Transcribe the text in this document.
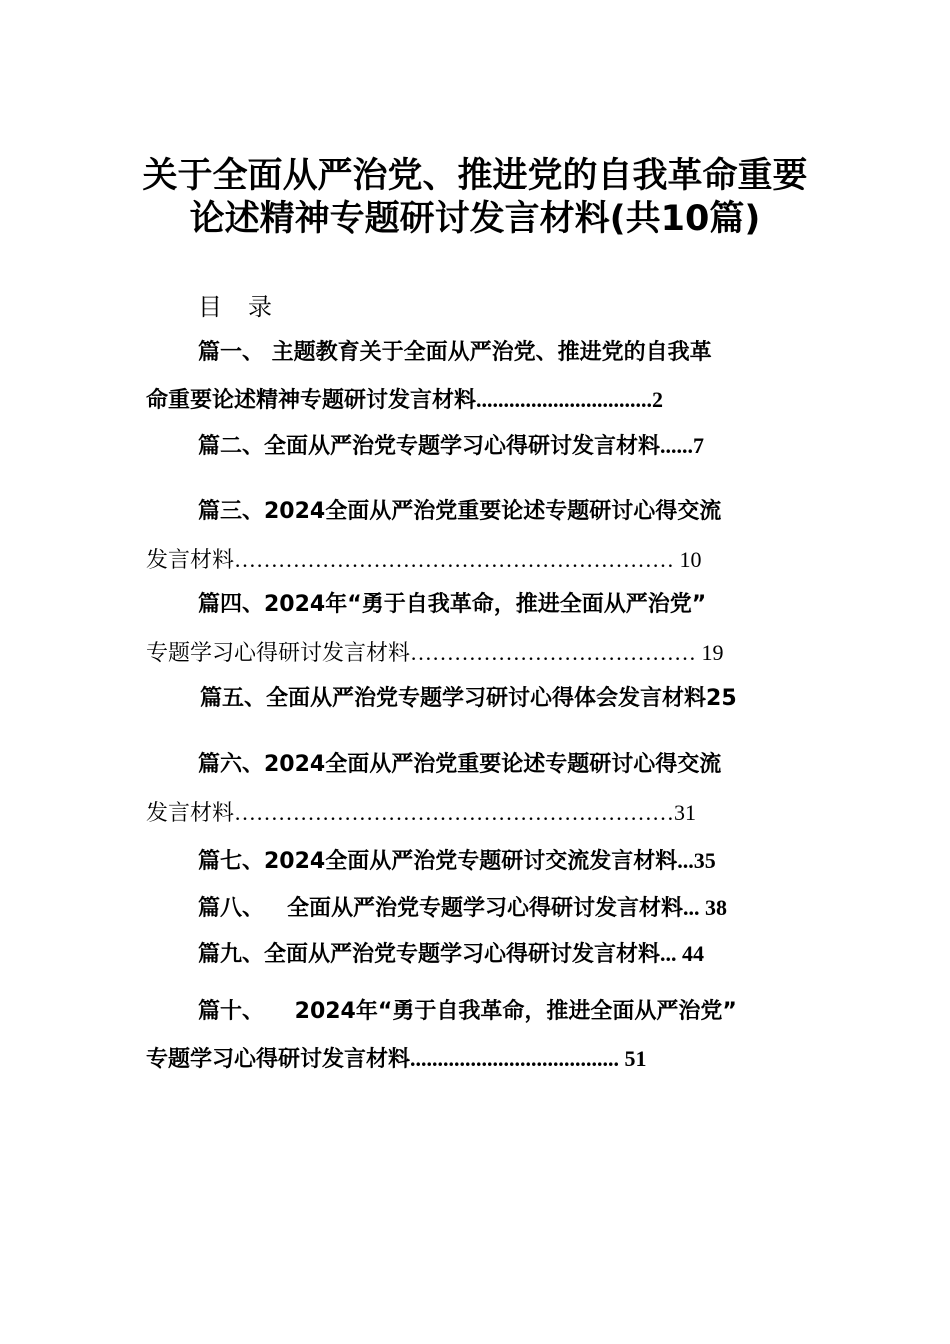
关于全面从严治党、推进党的自我革命重要
论述精神专题研讨发言材料(共10篇)
目 录
篇一、 主题教育关于全面从严治党、推进党的自我革
命重要论述精神专题研讨发言材料................................2
篇二、全面从严治党专题学习心得研讨发言材料......7
篇三、2024全面从严治党重要论述专题研讨心得交流
发言材料…………………………………………………… 10
篇四、2024年“勇于自我革命，推进全面从严治党”
专题学习心得研讨发言材料………………………………… 19
篇五、全面从严治党专题学习研讨心得体会发言材料25
篇六、2024全面从严治党重要论述专题研讨心得交流
发言材料……………………………………………………31
篇七、2024全面从严治党专题研讨交流发言材料...35
篇八、   全面从严治党专题学习心得研讨发言材料... 38
篇九、全面从严治党专题学习心得研讨发言材料... 44
篇十、    2024年“勇于自我革命，推进全面从严治党”
专题学习心得研讨发言材料...................................... 51
